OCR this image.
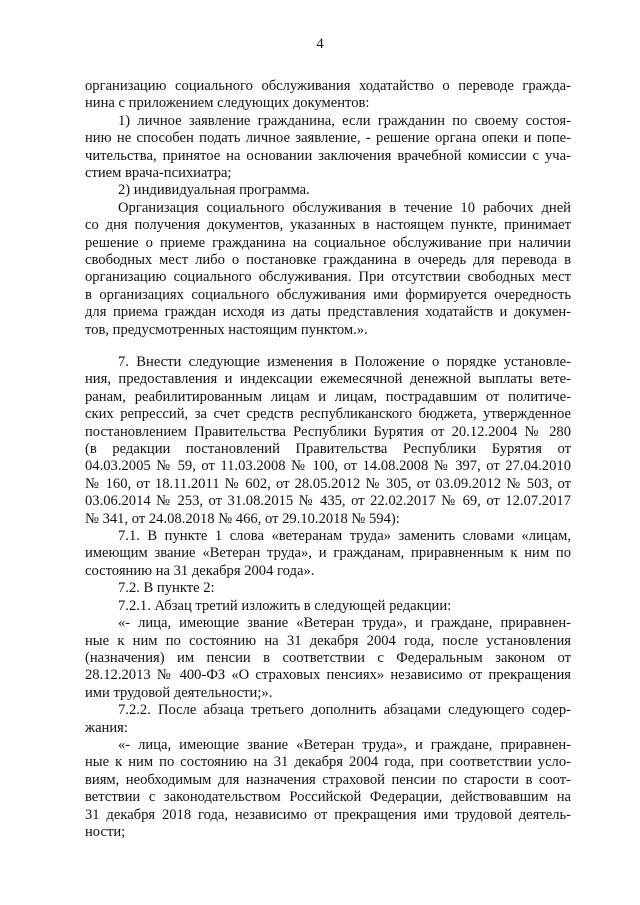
4
организацию социального обслуживания ходатайство о переводе гражда-
нина с приложением следующих документов:
1) личное заявление гражданина, если гражданин по своему состоя-
нию не способен подать личное заявление, - решение органа опеки и попе-
чительства, принятое на основании заключения врачебной комиссии с уча-
стием врача-психиатра;
2) индивидуальная программа.
Организация социального обслуживания в течение 10 рабочих дней
со дня получения документов, указанных в настоящем пункте, принимает
решение о приеме гражданина на социальное обслуживание при наличии
свободных мест либо о постановке гражданина в очередь для перевода в
организацию социального обслуживания. При отсутствии свободных мест
в организациях социального обслуживания ими формируется очередность
для приема граждан исходя из даты представления ходатайств и докумен-
тов, предусмотренных настоящим пунктом.».
7. Внести следующие изменения в Положение о порядке установле-
ния, предоставления и индексации ежемесячной денежной выплаты вете-
ранам, реабилитированным лицам и лицам, пострадавшим от политиче-
ских репрессий, за счет средств республиканского бюджета, утвержденное
постановлением Правительства Республики Бурятия от 20.12.2004 № 280
(в редакции постановлений Правительства Республики Бурятия от
04.03.2005 № 59, от 11.03.2008 № 100, от 14.08.2008 № 397, от 27.04.2010
№ 160, от 18.11.2011 № 602, от 28.05.2012 № 305, от 03.09.2012 № 503, от
03.06.2014 № 253, от 31.08.2015 № 435, от 22.02.2017 № 69, от 12.07.2017
№ 341, от 24.08.2018 № 466, от 29.10.2018 № 594):
7.1. В пункте 1 слова «ветеранам труда» заменить словами «лицам,
имеющим звание «Ветеран труда», и гражданам, приравненным к ним по
состоянию на 31 декабря 2004 года».
7.2. В пункте 2:
7.2.1. Абзац третий изложить в следующей редакции:
«- лица, имеющие звание «Ветеран труда», и граждане, приравнен-
ные к ним по состоянию на 31 декабря 2004 года, после установления
(назначения) им пенсии в соответствии с Федеральным законом от
28.12.2013 № 400-ФЗ «О страховых пенсиях» независимо от прекращения
ими трудовой деятельности;».
7.2.2. После абзаца третьего дополнить абзацами следующего содер-
жания:
«- лица, имеющие звание «Ветеран труда», и граждане, приравнен-
ные к ним по состоянию на 31 декабря 2004 года, при соответствии усло-
виям, необходимым для назначения страховой пенсии по старости в соот-
ветствии с законодательством Российской Федерации, действовавшим на
31 декабря 2018 года, независимо от прекращения ими трудовой деятель-
ности;
